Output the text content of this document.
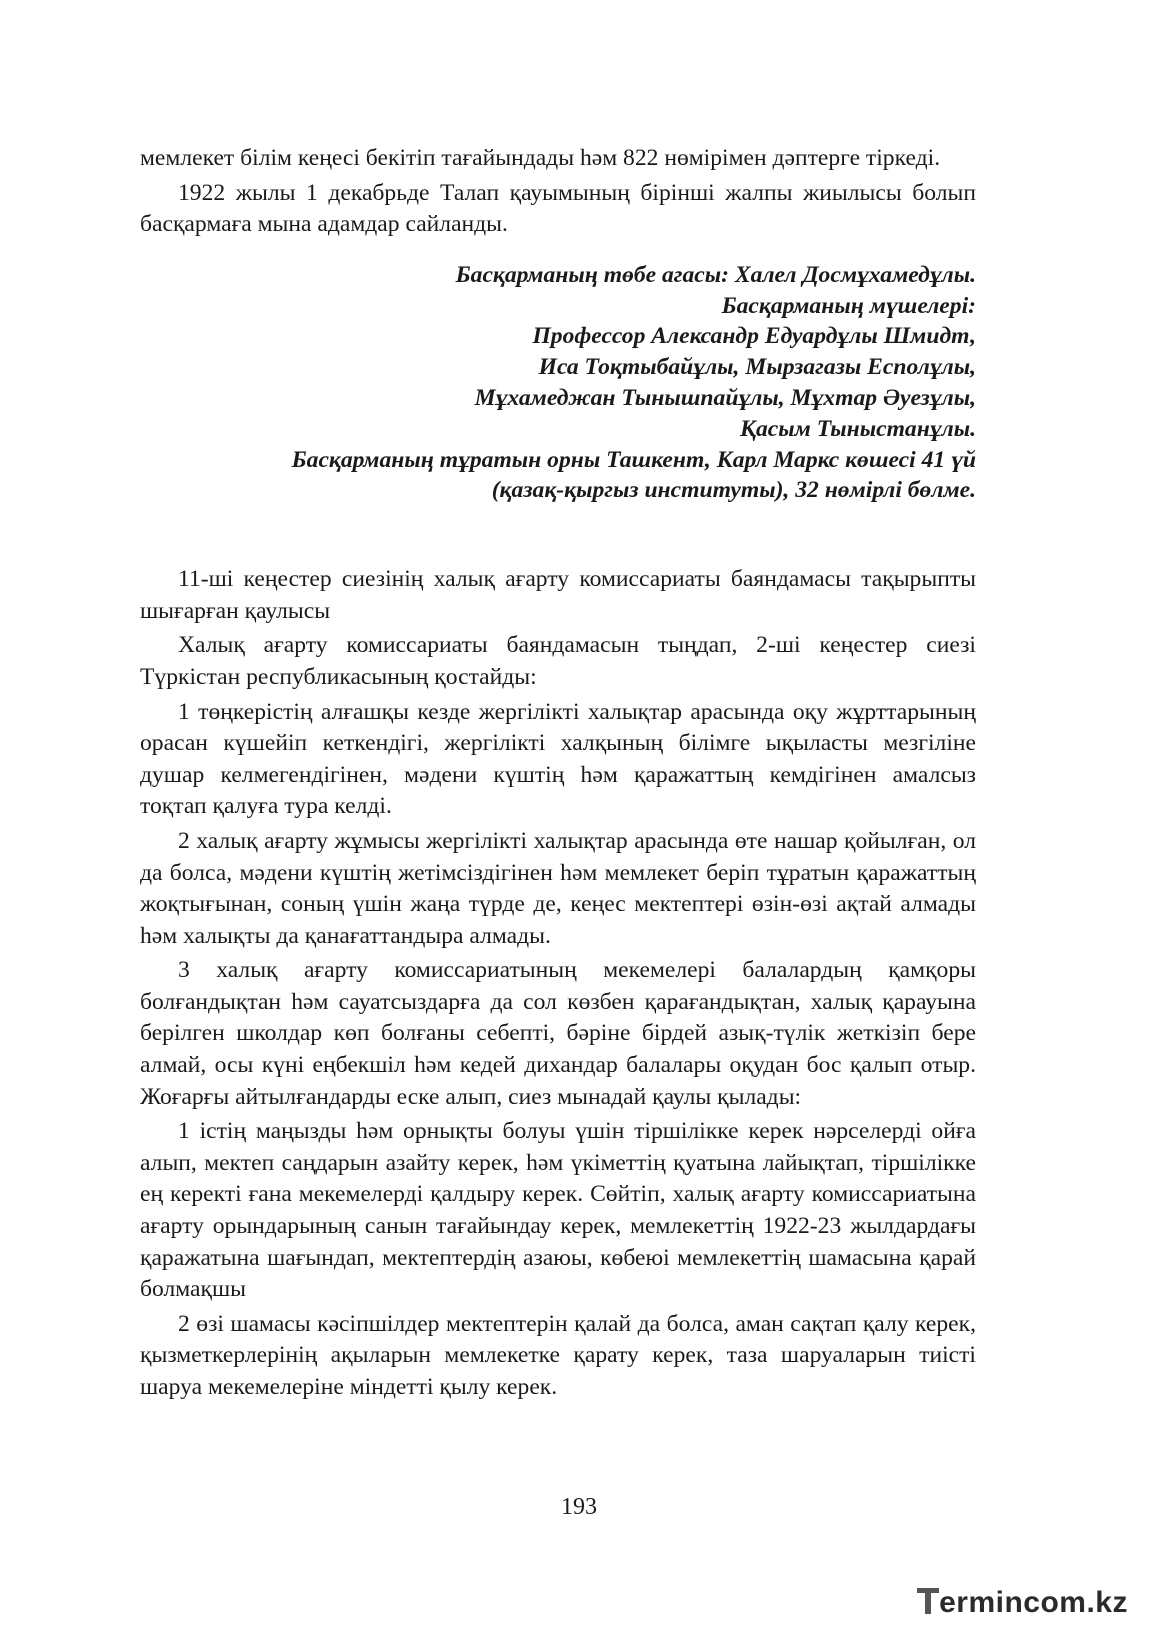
мемлекет білім кеңесі бекітіп тағайындады һәм 822 нөмірімен дәптерге тіркеді.

1922 жылы 1 декабрьде Талап қауымының бірінші жалпы жиылысы болып басқармаға мына адамдар сайланды.

Басқарманың төбе агасы: Халел Досмұхамедұлы.
Басқарманың мүшелері:
Профессор Александр Едуардұлы Шмидт,
Иса Тоқтыбайұлы, Мырзагазы Есполұлы,
Мұхамеджан Тынышпайұлы, Мұхтар Әуезұлы,
Қасым Тыныстанұлы.
Басқарманың тұратын орны Ташкент, Карл Маркс көшесі 41 үй
(қазақ-қыргыз институты), 32 нөмірлі бөлме.

11-ші кеңестер сиезінің халық ағарту комиссариаты баяндамасы тақырыпты шығарған қаулысы

Халық ағарту комиссариаты баяндамасын тыңдап, 2-ші кеңестер сиезі Түркістан республикасының қостайды:

1 төңкерістің алғашқы кезде жергілікті халықтар арасында оқу жұрттарының орасан күшейіп кеткендігі, жергілікті халқының білімге ықыласты мезгіліне душар келмегендігінен, мәдени күштің һәм қаражаттың кемдігінен амалсыз тоқтап қалуға тура келді.

2 халық ағарту жұмысы жергілікті халықтар арасында өте нашар қойылған, ол да болса, мәдени күштің жетімсіздігінен һәм мемлекет беріп тұратын қаражаттың жоқтығынан, соның үшін жаңа түрде де, кеңес мектептері өзін-өзі ақтай алмады һәм халықты да қанағаттандыра алмады.

3 халық ағарту комиссариатының мекемелері балалардың қамқоры болғандықтан һәм сауатсыздарға да сол көзбен қарағандықтан, халық қарауына берілген школдар көп болғаны себепті, бәріне бірдей азық-түлік жеткізіп бере алмай, осы күні еңбекшіл һәм кедей дихандар балалары оқудан бос қалып отыр. Жоғарғы айтылғандарды еске алып, сиез мынадай қаулы қылады:

1 істің маңызды һәм орнықты болуы үшін тіршілікке керек нәрселерді ойға алып, мектеп саңдарын азайту керек, һәм үкіметтің қуатына лайықтап, тіршілікке ең керекті ғана мекемелерді қалдыру керек. Сөйтіп, халық ағарту комиссариатына ағарту орындарының санын тағайындау керек, мемлекеттің 1922-23 жылдардағы қаражатына шағындап, мектептердің азаюы, көбеюі мемлекеттің шамасына қарай болмақшы

2 өзі шамасы кәсіпшілдер мектептерін қалай да болса, аман сақтап қалу керек, қызметкерлерінің ақыларын мемлекетке қарату керек, таза шаруаларын тиісті шаруа мекемелеріне міндетті қылу керек.

193
ermincom.kz
